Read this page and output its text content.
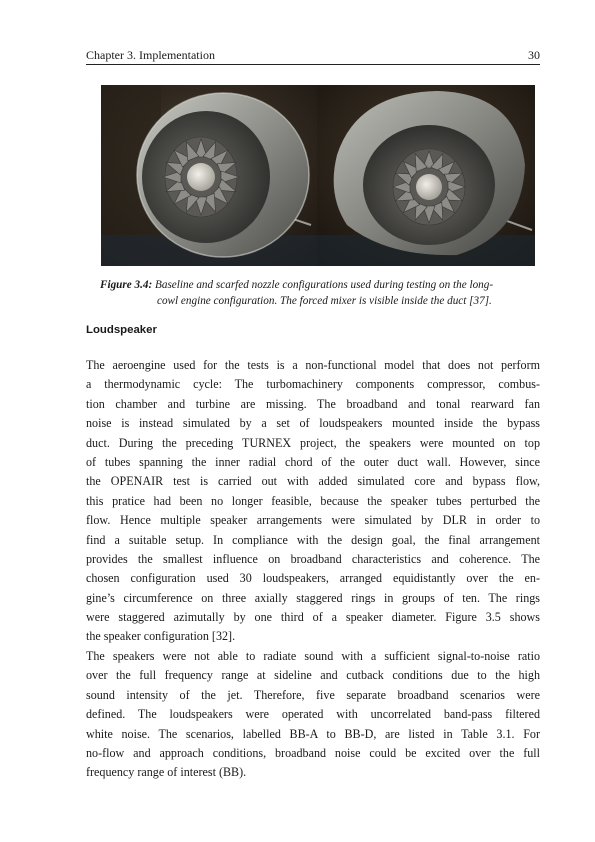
Chapter 3. Implementation	30
Figure 3.4: Baseline and scarfed nozzle configurations used during testing on the long-
cowl engine configuration. The forced mixer is visible inside the duct [37].
Loudspeaker
The aeroengine used for the tests is a non-functional model that does not perform
a thermodynamic cycle: The turbomachinery components compressor, combus-
tion chamber and turbine are missing. The broadband and tonal rearward fan
noise is instead simulated by a set of loudspeakers mounted inside the bypass
duct. During the preceding TURNEX project, the speakers were mounted on top
of tubes spanning the inner radial chord of the outer duct wall. However, since
the OPENAIR test is carried out with added simulated core and bypass flow,
this pratice had been no longer feasible, because the speaker tubes perturbed the
flow. Hence multiple speaker arrangements were simulated by DLR in order to
find a suitable setup. In compliance with the design goal, the final arrangement
provides the smallest influence on broadband characteristics and coherence. The
chosen configuration used 30 loudspeakers, arranged equidistantly over the en-
gine’s circumference on three axially staggered rings in groups of ten. The rings
were staggered azimutally by one third of a speaker diameter. Figure 3.5 shows
the speaker configuration [32].
The speakers were not able to radiate sound with a sufficient signal-to-noise ratio
over the full frequency range at sideline and cutback conditions due to the high
sound intensity of the jet. Therefore, five separate broadband scenarios were
defined. The loudspeakers were operated with uncorrelated band-pass filtered
white noise. The scenarios, labelled BB-A to BB-D, are listed in Table 3.1. For
no-flow and approach conditions, broadband noise could be excited over the full
frequency range of interest (BB).
